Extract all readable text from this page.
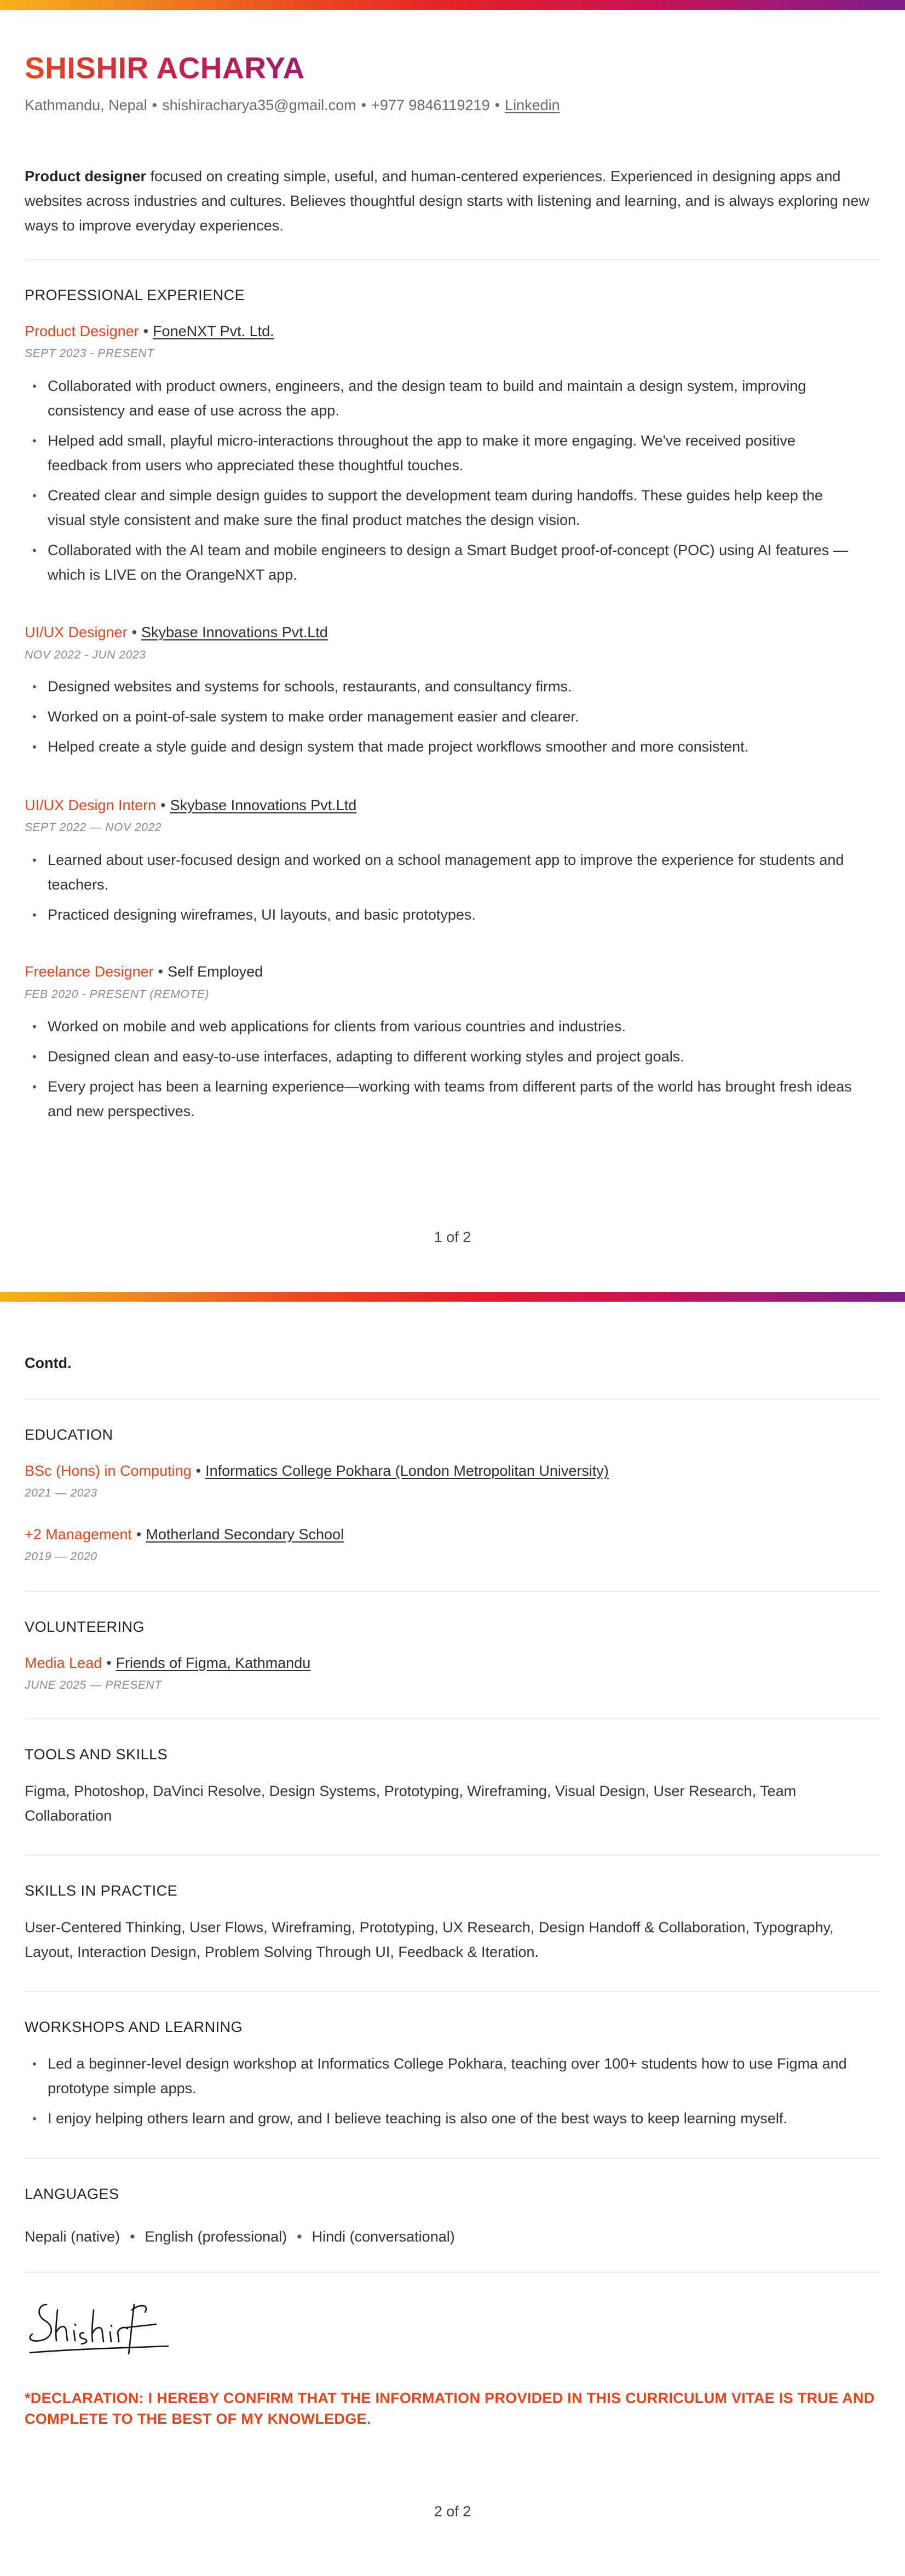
SHISHIR ACHARYA
Kathmandu, Nepal • shishiracharya35@gmail.com • +977 9846119219 • Linkedin
Product designer focused on creating simple, useful, and human-centered experiences. Experienced in designing apps and websites across industries and cultures. Believes thoughtful design starts with listening and learning, and is always exploring new ways to improve everyday experiences.
PROFESSIONAL EXPERIENCE
Product Designer • FoneNXT Pvt. Ltd.
SEPT 2023 - PRESENT
• Collaborated with product owners, engineers, and the design team to build and maintain a design system, improving consistency and ease of use across the app.
• Helped add small, playful micro-interactions throughout the app to make it more engaging. We've received positive feedback from users who appreciated these thoughtful touches.
• Created clear and simple design guides to support the development team during handoffs. These guides help keep the visual style consistent and make sure the final product matches the design vision.
• Collaborated with the AI team and mobile engineers to design a Smart Budget proof-of-concept (POC) using AI features — which is LIVE on the OrangeNXT app.
UI/UX Designer • Skybase Innovations Pvt.Ltd
NOV 2022 - JUN 2023
• Designed websites and systems for schools, restaurants, and consultancy firms.
• Worked on a point-of-sale system to make order management easier and clearer.
• Helped create a style guide and design system that made project workflows smoother and more consistent.
UI/UX Design Intern • Skybase Innovations Pvt.Ltd
SEPT 2022 — NOV 2022
• Learned about user-focused design and worked on a school management app to improve the experience for students and teachers.
• Practiced designing wireframes, UI layouts, and basic prototypes.
Freelance Designer • Self Employed
FEB 2020 - PRESENT (REMOTE)
• Worked on mobile and web applications for clients from various countries and industries.
• Designed clean and easy-to-use interfaces, adapting to different working styles and project goals.
• Every project has been a learning experience—working with teams from different parts of the world has brought fresh ideas and new perspectives.
1 of 2
Contd.
EDUCATION
BSc (Hons) in Computing • Informatics College Pokhara (London Metropolitan University)
2021 — 2023
+2 Management • Motherland Secondary School
2019 — 2020
VOLUNTEERING
Media Lead • Friends of Figma, Kathmandu
JUNE 2025 — PRESENT
TOOLS AND SKILLS
Figma, Photoshop, DaVinci Resolve, Design Systems, Prototyping, Wireframing, Visual Design, User Research, Team Collaboration
SKILLS IN PRACTICE
User-Centered Thinking, User Flows, Wireframing, Prototyping, UX Research, Design Handoff & Collaboration, Typography, Layout, Interaction Design, Problem Solving Through UI, Feedback & Iteration.
WORKSHOPS AND LEARNING
• Led a beginner-level design workshop at Informatics College Pokhara, teaching over 100+ students how to use Figma and prototype simple apps.
• I enjoy helping others learn and grow, and I believe teaching is also one of the best ways to keep learning myself.
LANGUAGES
Nepali (native) • English (professional) • Hindi (conversational)
*DECLARATION: I HEREBY CONFIRM THAT THE INFORMATION PROVIDED IN THIS CURRICULUM VITAE IS TRUE AND COMPLETE TO THE BEST OF MY KNOWLEDGE.
2 of 2
